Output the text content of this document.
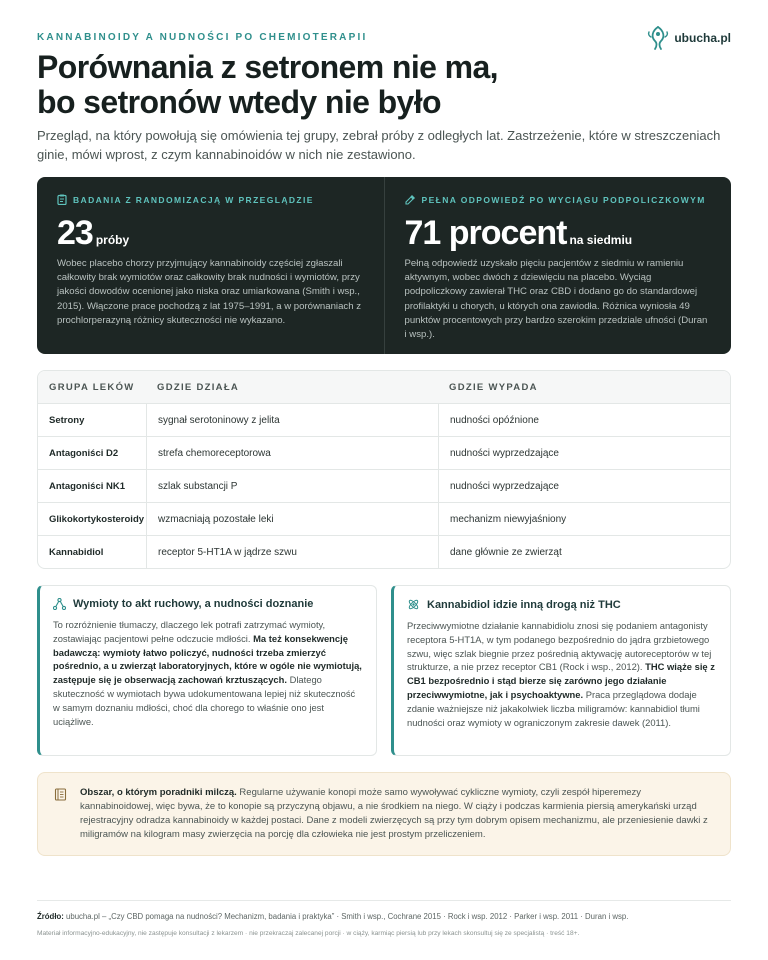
KANNABINOIDY A NUDNOŚCI PO CHEMIOTERAPII	ubucha.pl
Porównania z setronem nie ma,
bo setronów wtedy nie było

Przegląd, na który powołują się omówienia tej grupy, zebrał próby z odległych lat. Zastrzeżenie, które w streszczeniach ginie, mówi wprost, z czym kannabinoidów w nich nie zestawiono.

BADANIA Z RANDOMIZACJĄ W PRZEGLĄDZIE
23 próby

Wobec placebo chorzy przyjmujący kannabinoidy częściej zgłaszali całkowity brak wymiotów oraz całkowity brak nudności i wymiotów, przy jakości dowodów ocenionej jako niska oraz umiarkowana (Smith i wsp., 2015). Włączone prace pochodzą z lat 1975–1991, a w porównaniach z prochlorperazyną różnicy skuteczności nie wykazano.

PEŁNA ODPOWIEDŹ PO WYCIĄGU PODPOLICZKOWYM
71 procent na siedmiu

Pełną odpowiedź uzyskało pięciu pacjentów z siedmiu w ramieniu aktywnym, wobec dwóch z dziewięciu na placebo. Wyciąg podpoliczkowy zawierał THC oraz CBD i dodano go do standardowej profilaktyki u chorych, u których ona zawiodła. Różnica wyniosła 49 punktów procentowych przy bardzo szerokim przedziale ufności (Duran i wsp.).

GRUPA LEKÓW	GDZIE DZIAŁA	GDZIE WYPADA
Setrony	sygnał serotoninowy z jelita	nudności opóźnione
Antagoniści D2	strefa chemoreceptorowa	nudności wyprzedzające
Antagoniści NK1	szlak substancji P	nudności wyprzedzające
Glikokortykosteroidy	wzmacniają pozostałe leki	mechanizm niewyjaśniony
Kannabidiol	receptor 5‑HT1A w jądrze szwu	dane głównie ze zwierząt
Wymioty to akt ruchowy, a nudności doznanie

To rozróżnienie tłumaczy, dlaczego lek potrafi zatrzymać wymioty, zostawiając pacjentowi pełne odczucie mdłości. Ma też konsekwencję badawczą: wymioty łatwo policzyć, nudności trzeba zmierzyć pośrednio, a u zwierząt laboratoryjnych, które w ogóle nie wymiotują, zastępuje się je obserwacją zachowań krztuszących. Dlatego skuteczność w wymiotach bywa udokumentowana lepiej niż skuteczność w samym doznaniu mdłości, choć dla chorego to właśnie ono jest uciążliwe.

Kannabidiol idzie inną drogą niż THC

Przeciwwymiotne działanie kannabidiolu znosi się podaniem antagonisty receptora 5‑HT1A, w tym podanego bezpośrednio do jądra grzbietowego szwu, więc szlak biegnie przez pośrednią aktywację autoreceptorów w tej strukturze, a nie przez receptor CB1 (Rock i wsp., 2012). THC wiąże się z CB1 bezpośrednio i stąd bierze się zarówno jego działanie przeciwwymiotne, jak i psychoaktywne. Praca przeglądowa dodaje zdanie ważniejsze niż jakakolwiek liczba miligramów: kannabidiol tłumi nudności oraz wymioty w ograniczonym zakresie dawek (2011).

Obszar, o którym poradniki milczą. Regularne używanie konopi może samo wywoływać cykliczne wymioty, czyli zespół hiperemezy kannabinoidowej, więc bywa, że to konopie są przyczyną objawu, a nie środkiem na niego. W ciąży i podczas karmienia piersią amerykański urząd rejestracyjny odradza kannabinoidy w każdej postaci. Dane z modeli zwierzęcych są przy tym dobrym opisem mechanizmu, ale przeniesienie dawki z miligramów na kilogram masy zwierzęcia na porcję dla człowieka nie jest prostym przeliczeniem.

Źródło: ubucha.pl – „Czy CBD pomaga na nudności? Mechanizm, badania i praktyka” · Smith i wsp., Cochrane 2015 · Rock i wsp. 2012 · Parker i wsp. 2011 · Duran i wsp.

Materiał informacyjno-edukacyjny, nie zastępuje konsultacji z lekarzem · nie przekraczaj zalecanej porcji · w ciąży, karmiąc piersią lub przy lekach skonsultuj się ze specjalistą · treść 18+.
